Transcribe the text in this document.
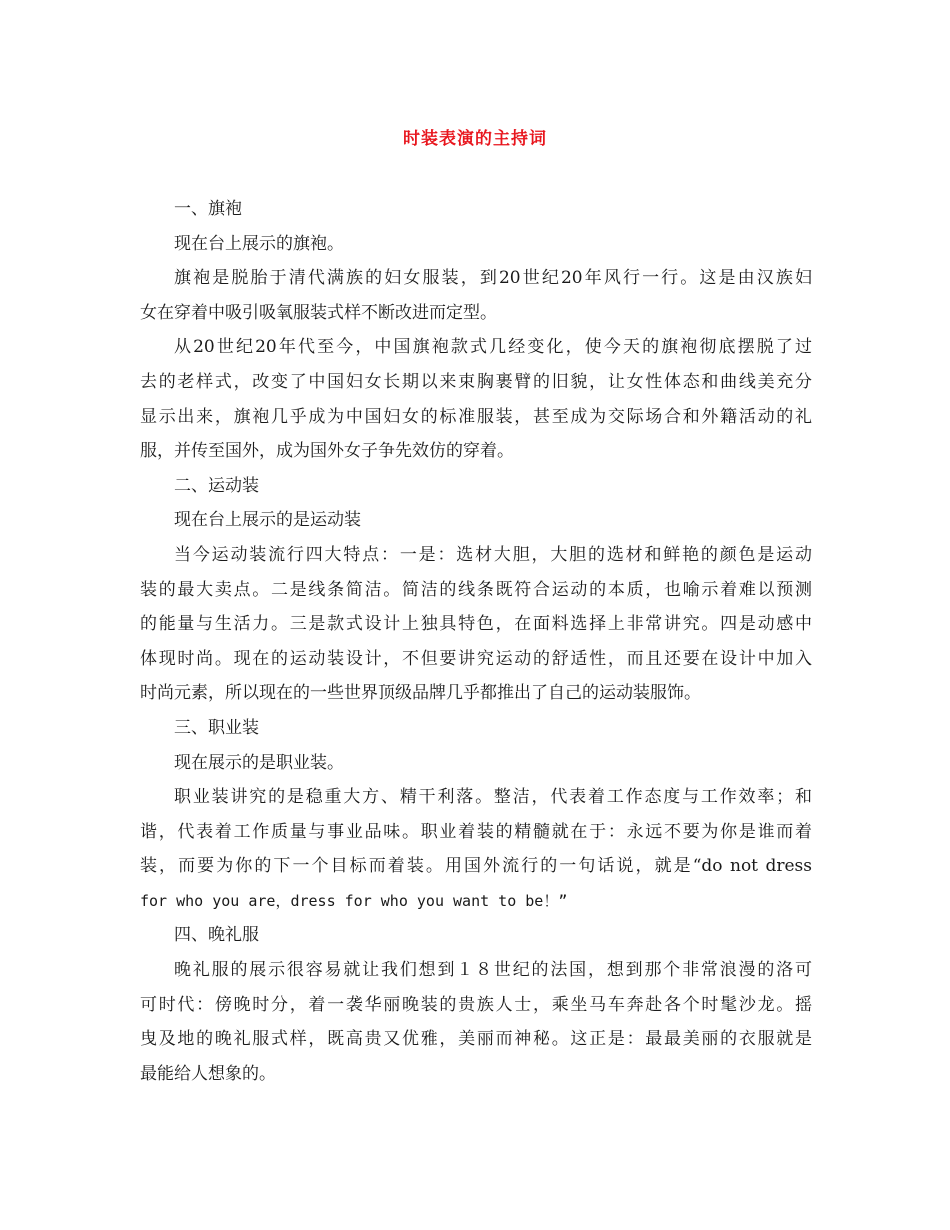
时装表演的主持词
一、旗袍
现在台上展示的旗袍。
旗袍是脱胎于清代满族的妇女服装，到20世纪20年风行一行。这是由汉族妇
女在穿着中吸引吸氧服装式样不断改进而定型。
从20世纪20年代至今，中国旗袍款式几经变化，使今天的旗袍彻底摆脱了过
去的老样式，改变了中国妇女长期以来束胸裹臂的旧貌，让女性体态和曲线美充分
显示出来，旗袍几乎成为中国妇女的标准服装，甚至成为交际场合和外籍活动的礼
服，并传至国外，成为国外女子争先效仿的穿着。
二、运动装
现在台上展示的是运动装
当今运动装流行四大特点：一是：选材大胆，大胆的选材和鲜艳的颜色是运动
装的最大卖点。二是线条简洁。简洁的线条既符合运动的本质，也喻示着难以预测
的能量与生活力。三是款式设计上独具特色，在面料选择上非常讲究。四是动感中
体现时尚。现在的运动装设计，不但要讲究运动的舒适性，而且还要在设计中加入
时尚元素，所以现在的一些世界顶级品牌几乎都推出了自己的运动装服饰。
三、职业装
现在展示的是职业装。
职业装讲究的是稳重大方、精干利落。整洁，代表着工作态度与工作效率；和
谐，代表着工作质量与事业品味。职业着装的精髓就在于：永远不要为你是谁而着
装，而要为你的下一个目标而着装。用国外流行的一句话说，就是“do not dress
for who you are，dress for who you want to be！”
四、晚礼服
晚礼服的展示很容易就让我们想到１８世纪的法国，想到那个非常浪漫的洛可
可时代：傍晚时分，着一袭华丽晚装的贵族人士，乘坐马车奔赴各个时髦沙龙。摇
曳及地的晚礼服式样，既高贵又优雅，美丽而神秘。这正是：最最美丽的衣服就是
最能给人想象的。
